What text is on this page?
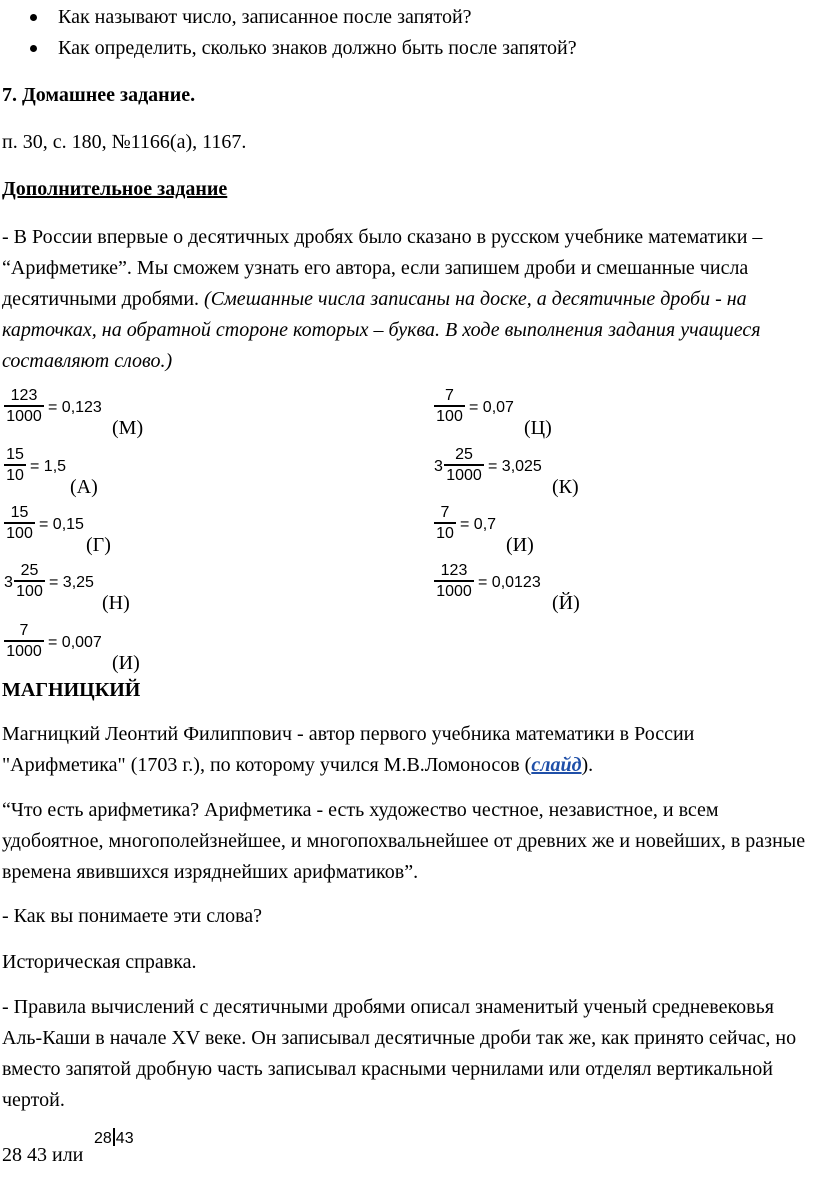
Как называют число, записанное после запятой?
Как определить, сколько знаков должно быть после запятой?
7. Домашнее задание.
п. 30, с. 180, №1166(а), 1167.
Дополнительное задание
- В России впервые о десятичных дробях было сказано в русском учебнике математики – “Арифметике”. Мы сможем узнать его автора, если запишем дроби и смешанные числа десятичными дробями. (Смешанные числа записаны на доске, а десятичные дроби - на карточках, на обратной стороне которых – буква. В ходе выполнения задания учащиеся составляют слово.)
123
1000 = 0,123
(М)
15
10 = 1,5
(А)
15
100 = 0,15
(Г)
3
25
100 = 3,25
(Н)
7
1000 = 0,007
(И)
7
100 = 0,07
(Ц)
3
25
1000 = 3,025
(К)
7
10 = 0,7
(И)
123
1000 = 0,0123
(Й)
МАГНИЦКИЙ
Магницкий Леонтий Филиппович - автор первого учебника математики в России "Арифметика" (1703 г.), по которому учился М.В.Ломоносов (слайд).
“Что есть арифметика? Арифметика - есть художество честное, независтное, и всем удобоятное, многополейзнейшее, и многопохвальнейшее от древних же и новейших, в разные времена явившихся изряднейших арифматиков”.
- Как вы понимаете эти слова?
Историческая справка.
- Правила вычислений с десятичными дробями описал знаменитый ученый средневековья Аль-Каши в начале XV веке. Он записывал десятичные дроби так же, как принято сейчас, но вместо запятой дробную часть записывал красными чернилами или отделял вертикальной чертой.
28 43 или
28 43
